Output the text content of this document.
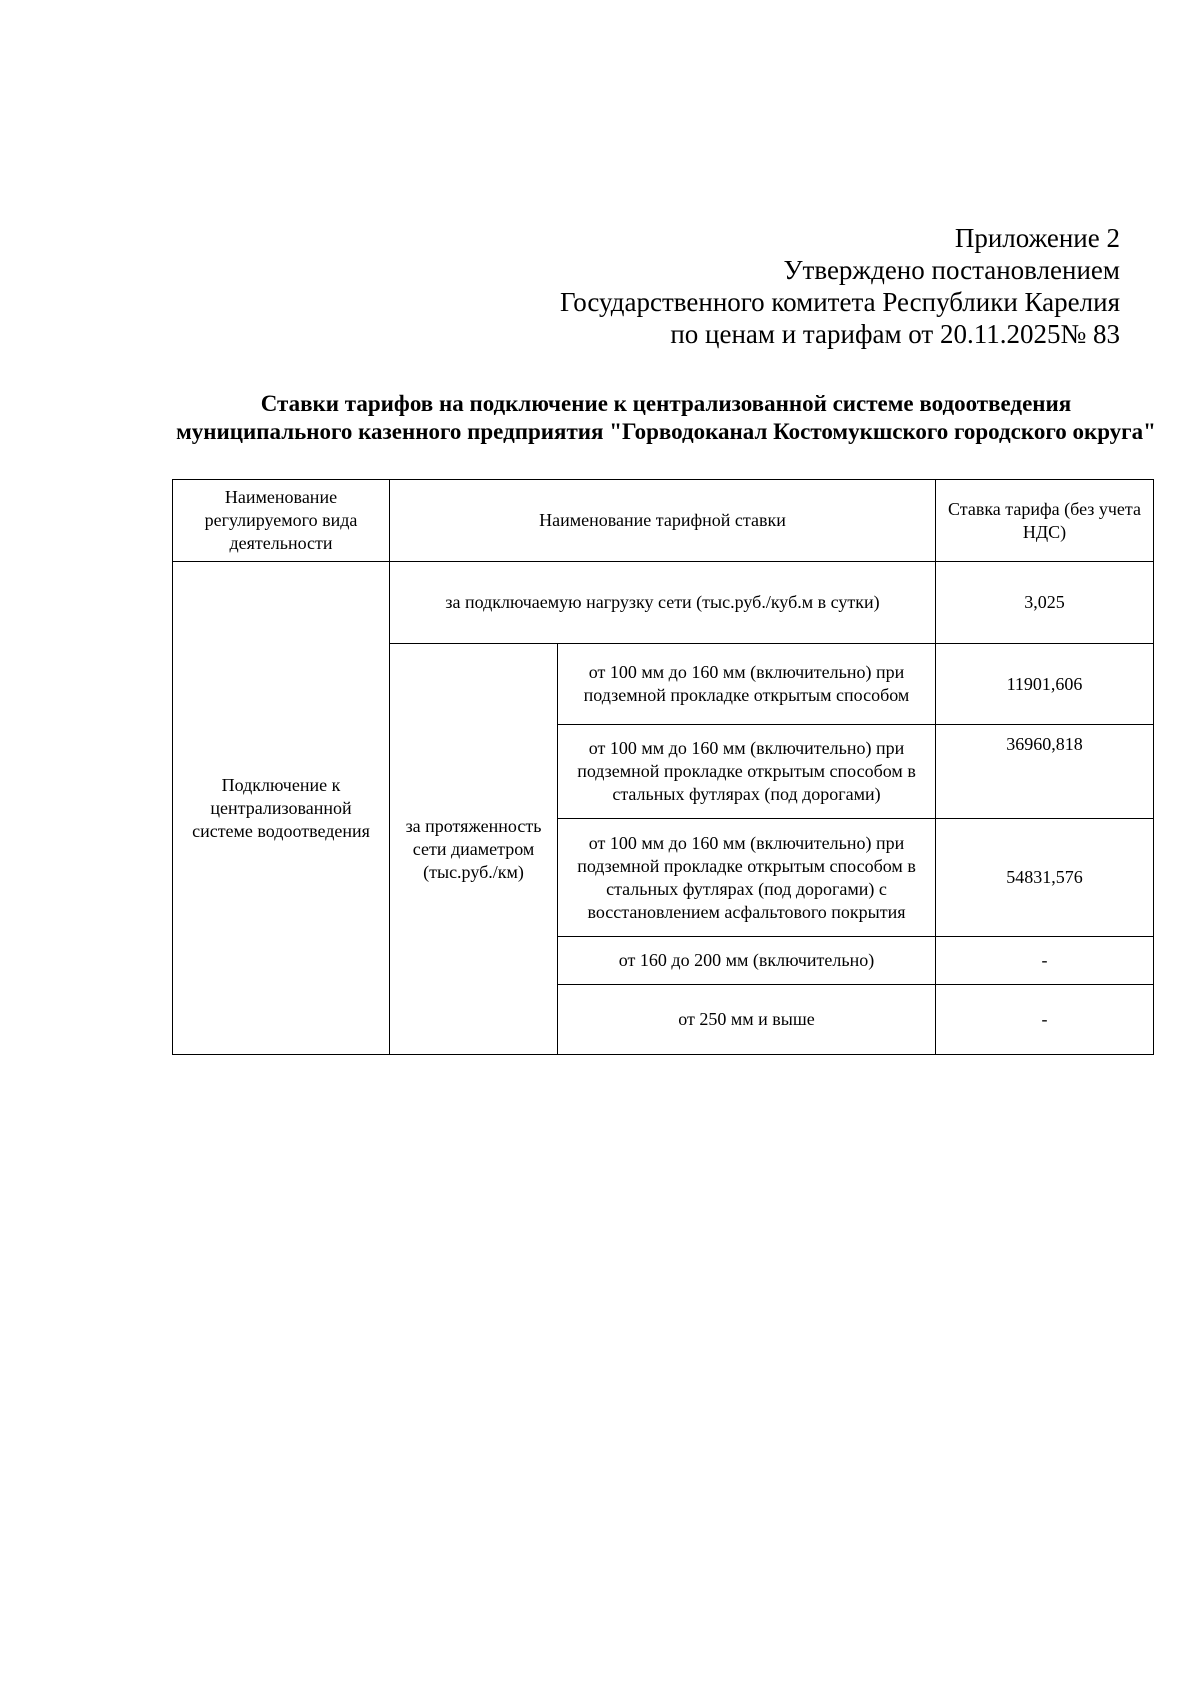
Приложение 2
Утверждено постановлением
Государственного комитета Республики Карелия
по ценам и тарифам от 20.11.2025№ 83
Ставки тарифов на подключение к централизованной системе водоотведения муниципального казенного предприятия "Горводоканал Костомукшского городского округа"
Наименование регулируемого вида деятельности	Наименование тарифной ставки		Ставка тарифа (без учета НДС)
Подключение к централизованной системе водоотведения	за подключаемую нагрузку сети (тыс.руб./куб.м в сутки)		3,025
	за протяженность сети диаметром (тыс.руб./км)	от 100 мм до 160 мм (включительно) при подземной прокладке открытым способом	11901,606
		от 100 мм до 160 мм (включительно) при подземной прокладке открытым способом в стальных футлярах (под дорогами)	36960,818
		от 100 мм до 160 мм (включительно) при подземной прокладке открытым способом в стальных футлярах (под дорогами) с восстановлением асфальтового покрытия	54831,576
		от 160 до 200 мм (включительно)	-
		от 250 мм и выше	-
